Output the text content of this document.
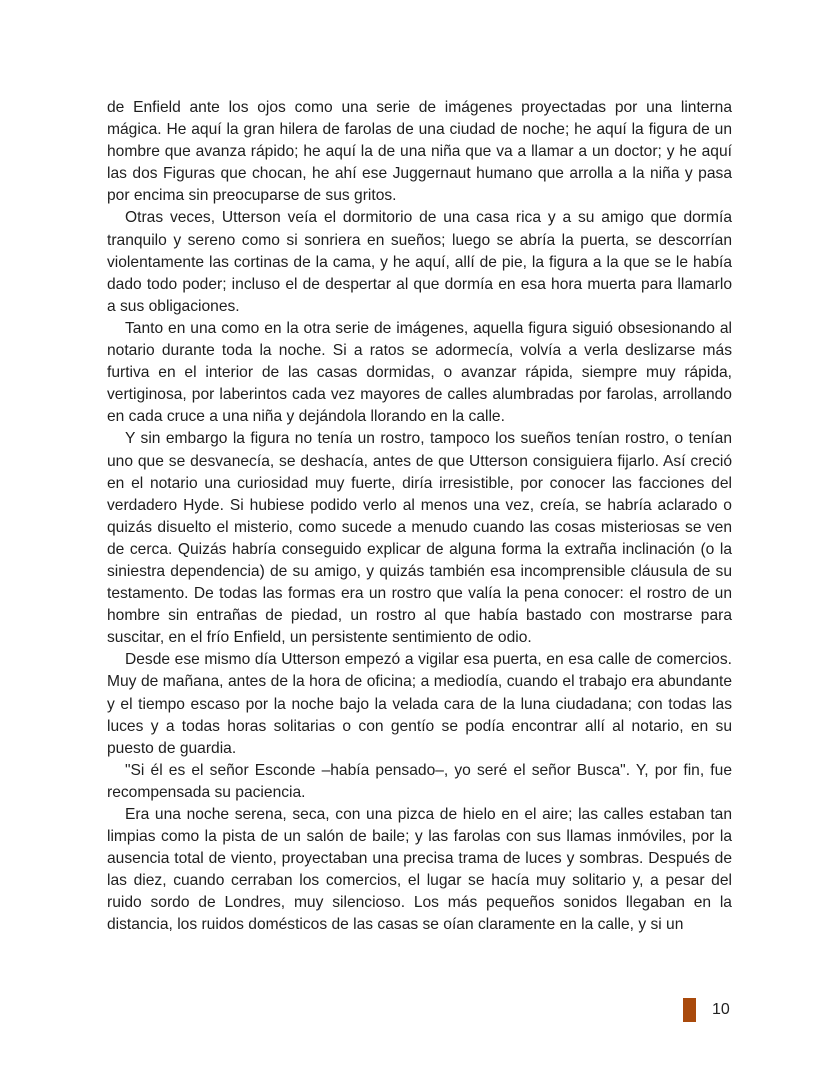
de Enfield ante los ojos como una serie de imágenes proyectadas por una linterna mágica. He aquí la gran hilera de farolas de una ciudad de noche; he aquí la figura de un hombre que avanza rápido; he aquí la de una niña que va a llamar a un doctor; y he aquí las dos Figuras que chocan, he ahí ese Juggernaut humano que arrolla a la niña y pasa por encima sin preocuparse de sus gritos.

Otras veces, Utterson veía el dormitorio de una casa rica y a su amigo que dormía tranquilo y sereno como si sonriera en sueños; luego se abría la puerta, se descorrían violentamente las cortinas de la cama, y he aquí, allí de pie, la figura a la que se le había dado todo poder; incluso el de despertar al que dormía en esa hora muerta para llamarlo a sus obligaciones.

Tanto en una como en la otra serie de imágenes, aquella figura siguió obsesionando al notario durante toda la noche. Si a ratos se adormecía, volvía a verla deslizarse más furtiva en el interior de las casas dormidas, o avanzar rápida, siempre muy rápida, vertiginosa, por laberintos cada vez mayores de calles alumbradas por farolas, arrollando en cada cruce a una niña y dejándola llorando en la calle.

Y sin embargo la figura no tenía un rostro, tampoco los sueños tenían rostro, o tenían uno que se desvanecía, se deshacía, antes de que Utterson consiguiera fijarlo. Así creció en el notario una curiosidad muy fuerte, diría irresistible, por conocer las facciones del verdadero Hyde. Si hubiese podido verlo al menos una vez, creía, se habría aclarado o quizás disuelto el misterio, como sucede a menudo cuando las cosas misteriosas se ven de cerca. Quizás habría conseguido explicar de alguna forma la extraña inclinación (o la siniestra dependencia) de su amigo, y quizás también esa incomprensible cláusula de su testamento. De todas las formas era un rostro que valía la pena conocer: el rostro de un hombre sin entrañas de piedad, un rostro al que había bastado con mostrarse para suscitar, en el frío Enfield, un persistente sentimiento de odio.

Desde ese mismo día Utterson empezó a vigilar esa puerta, en esa calle de comercios. Muy de mañana, antes de la hora de oficina; a mediodía, cuando el trabajo era abundante y el tiempo escaso por la noche bajo la velada cara de la luna ciudadana; con todas las luces y a todas horas solitarias o con gentío se podía encontrar allí al notario, en su puesto de guardia.

"Si él es el señor Esconde –había pensado–, yo seré el señor Busca". Y, por fin, fue recompensada su paciencia.

Era una noche serena, seca, con una pizca de hielo en el aire; las calles estaban tan limpias como la pista de un salón de baile; y las farolas con sus llamas inmóviles, por la ausencia total de viento, proyectaban una precisa trama de luces y sombras. Después de las diez, cuando cerraban los comercios, el lugar se hacía muy solitario y, a pesar del ruido sordo de Londres, muy silencioso. Los más pequeños sonidos llegaban en la distancia, los ruidos domésticos de las casas se oían claramente en la calle, y si un

10
